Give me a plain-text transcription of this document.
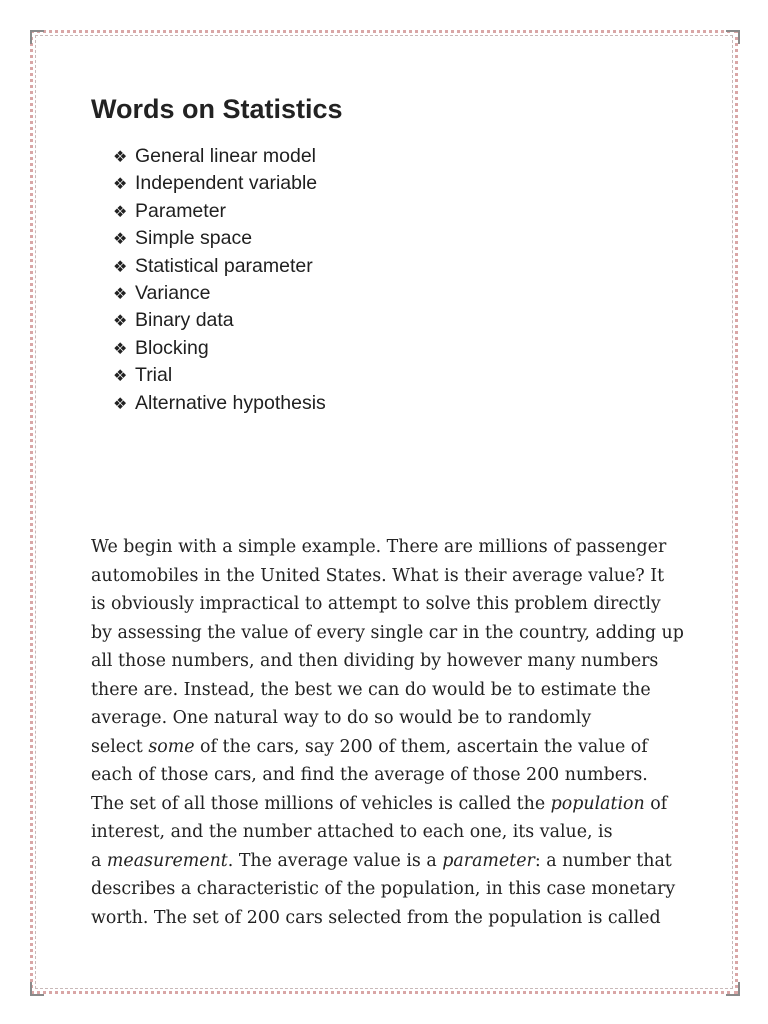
Words on Statistics
❖ General linear model
❖ Independent variable
❖ Parameter
❖ Simple space
❖ Statistical parameter
❖ Variance
❖ Binary data
❖ Blocking
❖ Trial
❖ Alternative hypothesis
We begin with a simple example. There are millions of passenger
automobiles in the United States. What is their average value? It
is obviously impractical to attempt to solve this problem directly
by assessing the value of every single car in the country, adding up
all those numbers, and then dividing by however many numbers
there are. Instead, the best we can do would be to estimate the
average. One natural way to do so would be to randomly
select some of the cars, say 200 of them, ascertain the value of
each of those cars, and find the average of those 200 numbers.
The set of all those millions of vehicles is called the population of
interest, and the number attached to each one, its value, is
a measurement. The average value is a parameter: a number that
describes a characteristic of the population, in this case monetary
worth. The set of 200 cars selected from the population is called
